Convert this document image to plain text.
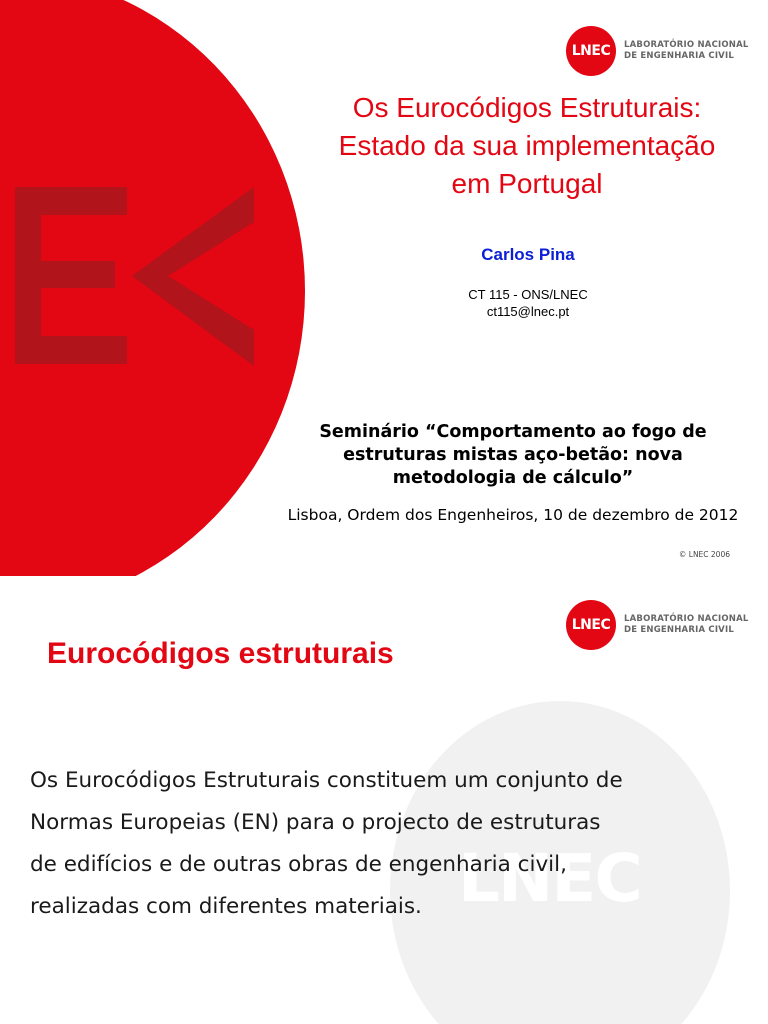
LNEC	LABORATÓRIO NACIONAL
DE ENGENHARIA CIVIL
Os Eurocódigos Estruturais:
Estado da sua implementação
em Portugal
Carlos Pina
CT 115 - ONS/LNEC
ct115@lnec.pt
Seminário “Comportamento ao fogo de
estruturas mistas aço-betão: nova
metodologia de cálculo”
Lisboa, Ordem dos Engenheiros, 10 de dezembro de 2012
© LNEC 2006
LNEC
LNEC	LABORATÓRIO NACIONAL
DE ENGENHARIA CIVIL
Eurocódigos estruturais
Os Eurocódigos Estruturais constituem um conjunto de
Normas Europeias (EN) para o projecto de estruturas
de edifícios e de outras obras de engenharia civil,
realizadas com diferentes materiais.
